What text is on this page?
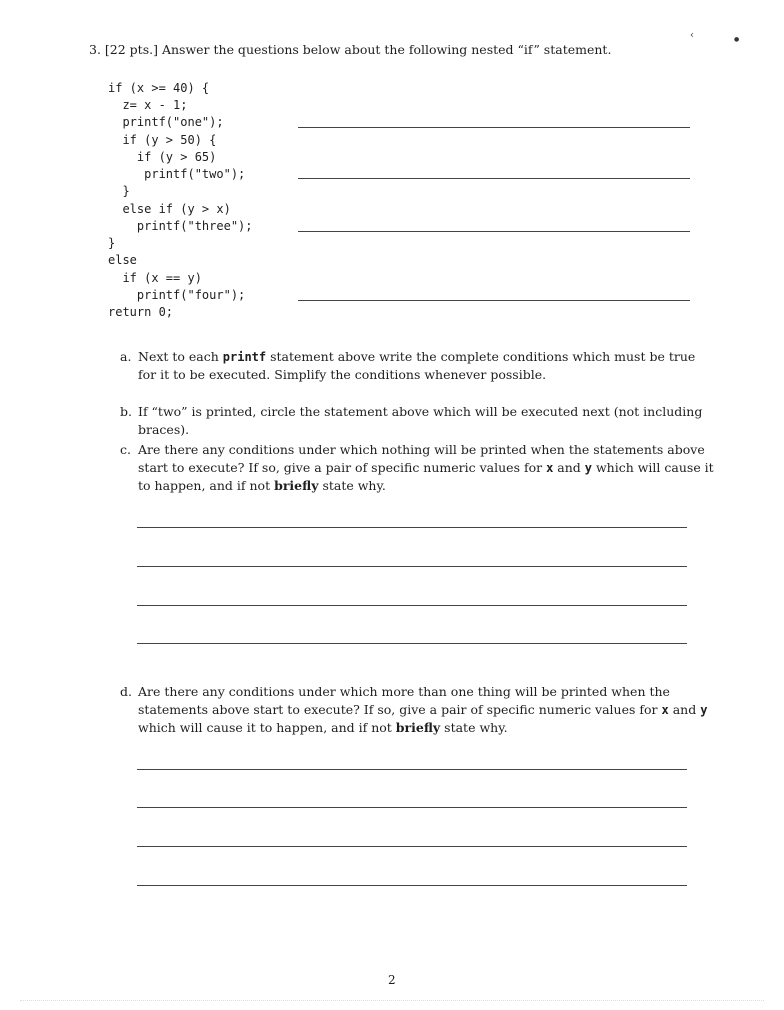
‹	●
3. [22 pts.] Answer the questions below about the following nested “if” statement.
if (x >= 40) {
z= x - 1;
printf("one");
if (y > 50) {
if (y > 65)
printf("two");
}
else if (y > x)
printf("three");
}
else
if (x == y)
printf("four");
return 0;
a. Next to each printf statement above write the complete conditions which must be true for it to be executed. Simplify the conditions whenever possible.
b. If “two” is printed, circle the statement above which will be executed next (not including braces).
c. Are there any conditions under which nothing will be printed when the statements above start to execute? If so, give a pair of specific numeric values for x and y which will cause it to happen, and if not briefly state why.
d. Are there any conditions under which more than one thing will be printed when the statements above start to execute? If so, give a pair of specific numeric values for x and y which will cause it to happen, and if not briefly state why.
2
